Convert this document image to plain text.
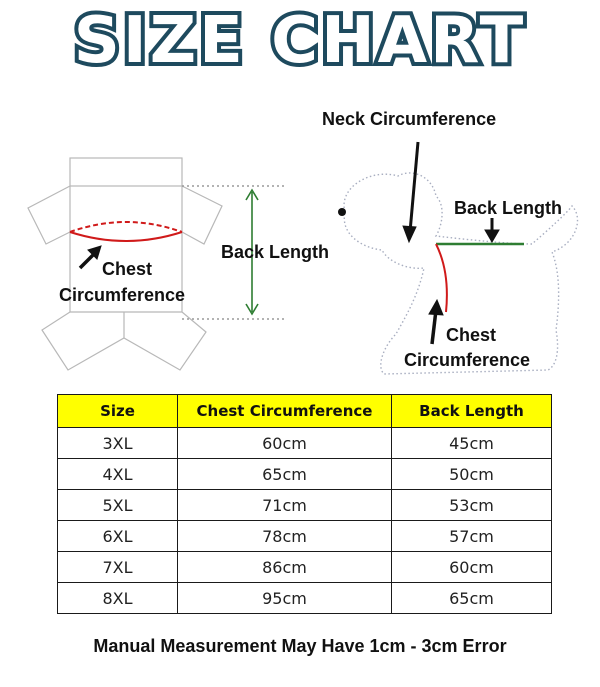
SIZE CHART
Back Length
Chest
Circumference
Neck Circumference
Back Length
Chest
Circumference
Size	Chest Circumference	Back Length
3XL	60cm	45cm
4XL	65cm	50cm
5XL	71cm	53cm
6XL	78cm	57cm
7XL	86cm	60cm
8XL	95cm	65cm
Manual Measurement May Have 1cm - 3cm Error
